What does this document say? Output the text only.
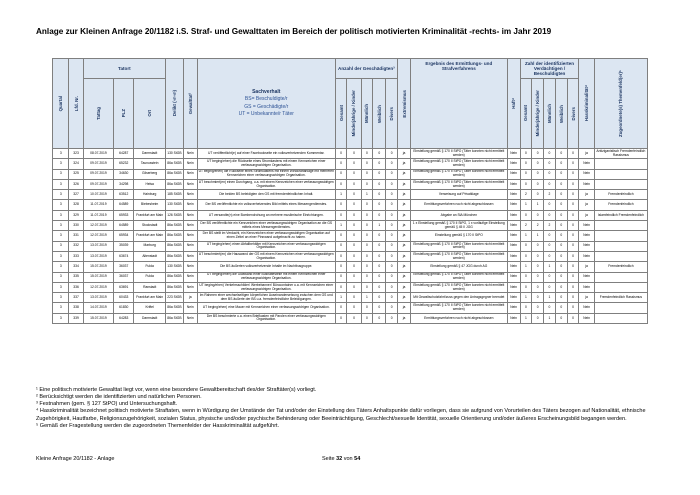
Anlage zur Kleinen Anfrage 20/1182 i.S. Straf- und Gewalttaten im Bereich der politisch motivierten Kriminalität -rechts- im Jahr 2019
Quartal	Lfd. Nr.	Tatort			Delikt (§§)	Gewalttat²	Sachverhalt
BS= Beschuldigte/r
GS = Geschädigte/r
UT = Unbekannte/r Täter	Anzahl der Geschädigten³					Extremismus	Ergebnis des Ermittlungs- und Strafverfahrens	Haft⁴	Zahl der identifizierten Verdächtigen / Beschuldigten					Hasskriminalität⁴	Zugeordnete(s) Themenfeld(er)⁵

		Tattag	PLZ	Ort				Gesamt	Minderjährige / Kinder	Männlich	Weiblich	Divers				Gesamt	Minderjährige / Kinder	Männlich	Weiblich	Divers		

3	323	08.07.2019	64287	Darmstadt	130 StGB	Nein	UT veröffentlicht(e) auf einer Facebookseite ein volksverhetzenden Kommentar.	0	0	0	0	0	ja	Einstellung gemäß § 170 II StPO (Täter konnten nicht ermittelt werden)	Nein	0	0	0	0	0	ja	Antiziganistisch Fremdenfeindlich Rassismus
3	324	09.07.2019	65232	Taunusstein	86a StGB	Nein	UT beging/ehen) die Rückseite eines Stromkastens mit einem Kennzeichen einer verfassungswidrigen Organisation.	0	0	0	0	0	ja	Einstellung gemäß § 170 II StPO (Täter konnten nicht ermittelt werden)	Nein	0	0	0	0	0	Nein	
3	325	09.07.2019	34630	Gilserberg	86a StGB	Nein	UT beging/ehen) die Rückseite eines Stromkastens mit einem Windkraftanlage mit mehreren Kennzeichen einer verfassungswidrigen Organisation.	0	0	0	0	0	ja	Einstellung gemäß § 170 II StPO (Täter konnten nicht ermittelt werden)	Nein	0	0	0	0	0	Nein	
3	326	09.07.2019	34298	Helsa	86a StGB	Nein	UT beschmiert(en) einen Durchgang, u.a. mit einem Kennzeichen einer verfassungswidrigen Organisation.	0	0	0	0	0	ja	Einstellung gemäß § 170 II StPO (Täter konnten nicht ermittelt werden)	Nein	0	0	0	0	0	Nein	
3	327	10.07.2019	63512	Hainburg	185 StGB	Nein	Die beiden BS beleidigten den GS mit fremdenfeindlichen Inhalt.	1	0	1	0	0	ja	Verweisung auf Privatklage	Nein	2	0	2	0	0	ja	Fremdenfeindlich
3	328	11.07.2019	64589	Biebesheim	130 StGB	Nein	Der BS veröffentlichte ein volksverhetzendes Bild mittels eines Messengerdienstes.	0	0	0	0	0	ja	Ermittlungsverfahren noch nicht abgeschlossen	Nein	1	1	0	0	0	ja	Fremdenfeindlich
3	329	11.07.2019	65933	Frankfurt am Main	126 StGB	Nein	UT versandte(n) eine Bombendrohung an mehrere muslimische Einrichtungen.	0	0	0	0	0	ja	Abgabe an StA München	Nein	0	0	0	0	0	ja	Islamfeindlich Fremdenfeindlich
3	330	12.07.2019	64589	Stockstadt	86a StGB	Nein	Der BS veröffentlichte ein Kennzeichen einer verfassungswidrigen Organisation an die GS mittels eines Messengerdienstes.	1	0	0	1	0	ja	1 x Einstellung gemäß § 170 II StPO, 1 x vorläufige Einstellung gemäß § 45 II JGG	Nein	2	2	2	0	0	Nein	
3	331	12.07.2019	65934	Frankfurt am Main	86a StGB	Nein	Der BS stellt im Verdacht, ein Kennzeichen einer verfassungswidrigen Organisation auf einen Zettel an einer Pinnwand aufgebracht zu haben.	0	0	0	0	0	ja	Einstellung gemäß § 170 II StPO	Nein	1	1	0	0	0	Nein	
3	332	13.07.2019	35039	Marburg	86a StGB	Nein	UT beging/ehen) einen Abfallbehälter mit Kennzeichen einer verfassungswidrigen Organisation.	0	0	0	0	0	ja	Einstellung gemäß § 170 II StPO (Täter konnten nicht ermittelt werden)	Nein	0	0	0	0	0	Nein	
3	333	13.07.2019	63674	Altenstadt	86a StGB	Nein	UT beschmiert(en) die Hauswand der GS mit einem Kennzeichen einer verfassungswidrigen Organisation.	0	0	0	0	0	ja	Einstellung gemäß § 170 II StPO (Täter konnten nicht ermittelt werden)	Nein	0	0	0	0	0	Nein	
3	334	15.07.2019	36037	Fulda	130 StGB	Nein	Die BS äußerten volksverhetzende Inhalte im Nachtbusgruppe.	0	0	0	0	0	ja	Einstellung gemäß § 47 JGG durch AG	Nein	1	0	1	0	0	ja	Fremdenfeindlich
3	335	15.07.2019	36037	Fulda	86a StGB	Nein	UT beging/ehen) die Glaswand einer Bushaltestelle mit einem Kennzeichen einer verfassungswidrigen Organisation.	0	0	0	0	0	ja	Einstellung gemäß § 170 II StPO (Täter konnten nicht ermittelt werden)	Nein	0	0	0	0	0	Nein	
3	336	12.07.2019	63691	Ranstadt	86a StGB	Nein	UT beging/ehen) Verkehrsschilder/ Werbebanner/ Bürocontainer u.a. mit Kennzeichen einer verfassungswidrigen Organisation.	0	0	0	0	0	ja	Einstellung gemäß § 170 II StPO (Täter konnten nicht ermittelt werden)	Nein	0	0	0	0	0	Nein	
3	337	13.07.2019	60433	Frankfurt am Main	223 StGB	ja	Im Rahmen einer wechselseitigen körperlichen Auseinandersetzung zwischen dem GS und dem BS äußerte der BS u.a. fremdenfeindliche Beleidigungen.	1	0	1	0	0	ja	Mit Gewaltschutzfahrt/zuss gegen den Antragsgegner beendet	Nein	1	0	1	0	0	ja	Fremdenfeindlich Rassismus
3	338	14.07.2019	61830	Kriftel	86a StGB	Nein	UT beging/ehen) eine Mauer mit Kennzeichen einer verfassungswidrigen Organisation.	0	0	0	0	0	ja	Einstellung gemäß § 170 II StPO (Täter konnten nicht ermittelt werden)	Nein	0	0	0	0	0	Nein	
3	339	15.07.2019	64283	Darmstadt	86a StGB	Nein	Der BS beschmierte u.a. einen Briefkasten mit Parolen einer verfassungswidrigen Organisation.	0	0	0	0	0	ja	Ermittlungsverfahren noch nicht abgeschlossen	Nein	1	0	1	0	0	Nein	
¹ Eine politisch motivierte Gewalttat liegt vor, wenn eine besondere Gewaltbereitschaft des/der Straftäter(s) vorliegt.
² Berücksichtigt werden die identifizierten und natürlichen Personen.
³ Festnahmen (gem. § 127 StPO) und Untersuchungshaft.
⁴ Hasskriminalität bezeichnet politisch motivierte Straftaten, wenn in Würdigung der Umstände der Tat und/oder der Einstellung des Täters Anhaltspunkte dafür vorliegen, dass sie aufgrund von Vorurteilen des Täters bezogen auf Nationalität, ethnische Zugehörigkeit, Hautfarbe, Religionszugehörigkeit, sozialen Status, physische und/oder psychische Behinderung oder Beeinträchtigung, Geschlecht/sexuelle Identität, sexuelle Orientierung und/oder äußeres Erscheinungsbild begangen werden.
⁵ Gemäß der Fragestellung werden die zugeordneten Themenfelder der Hasskriminalität aufgeführt.
Kleine Anfrage 20/1182 - Anlage	Seite 32 von 54
